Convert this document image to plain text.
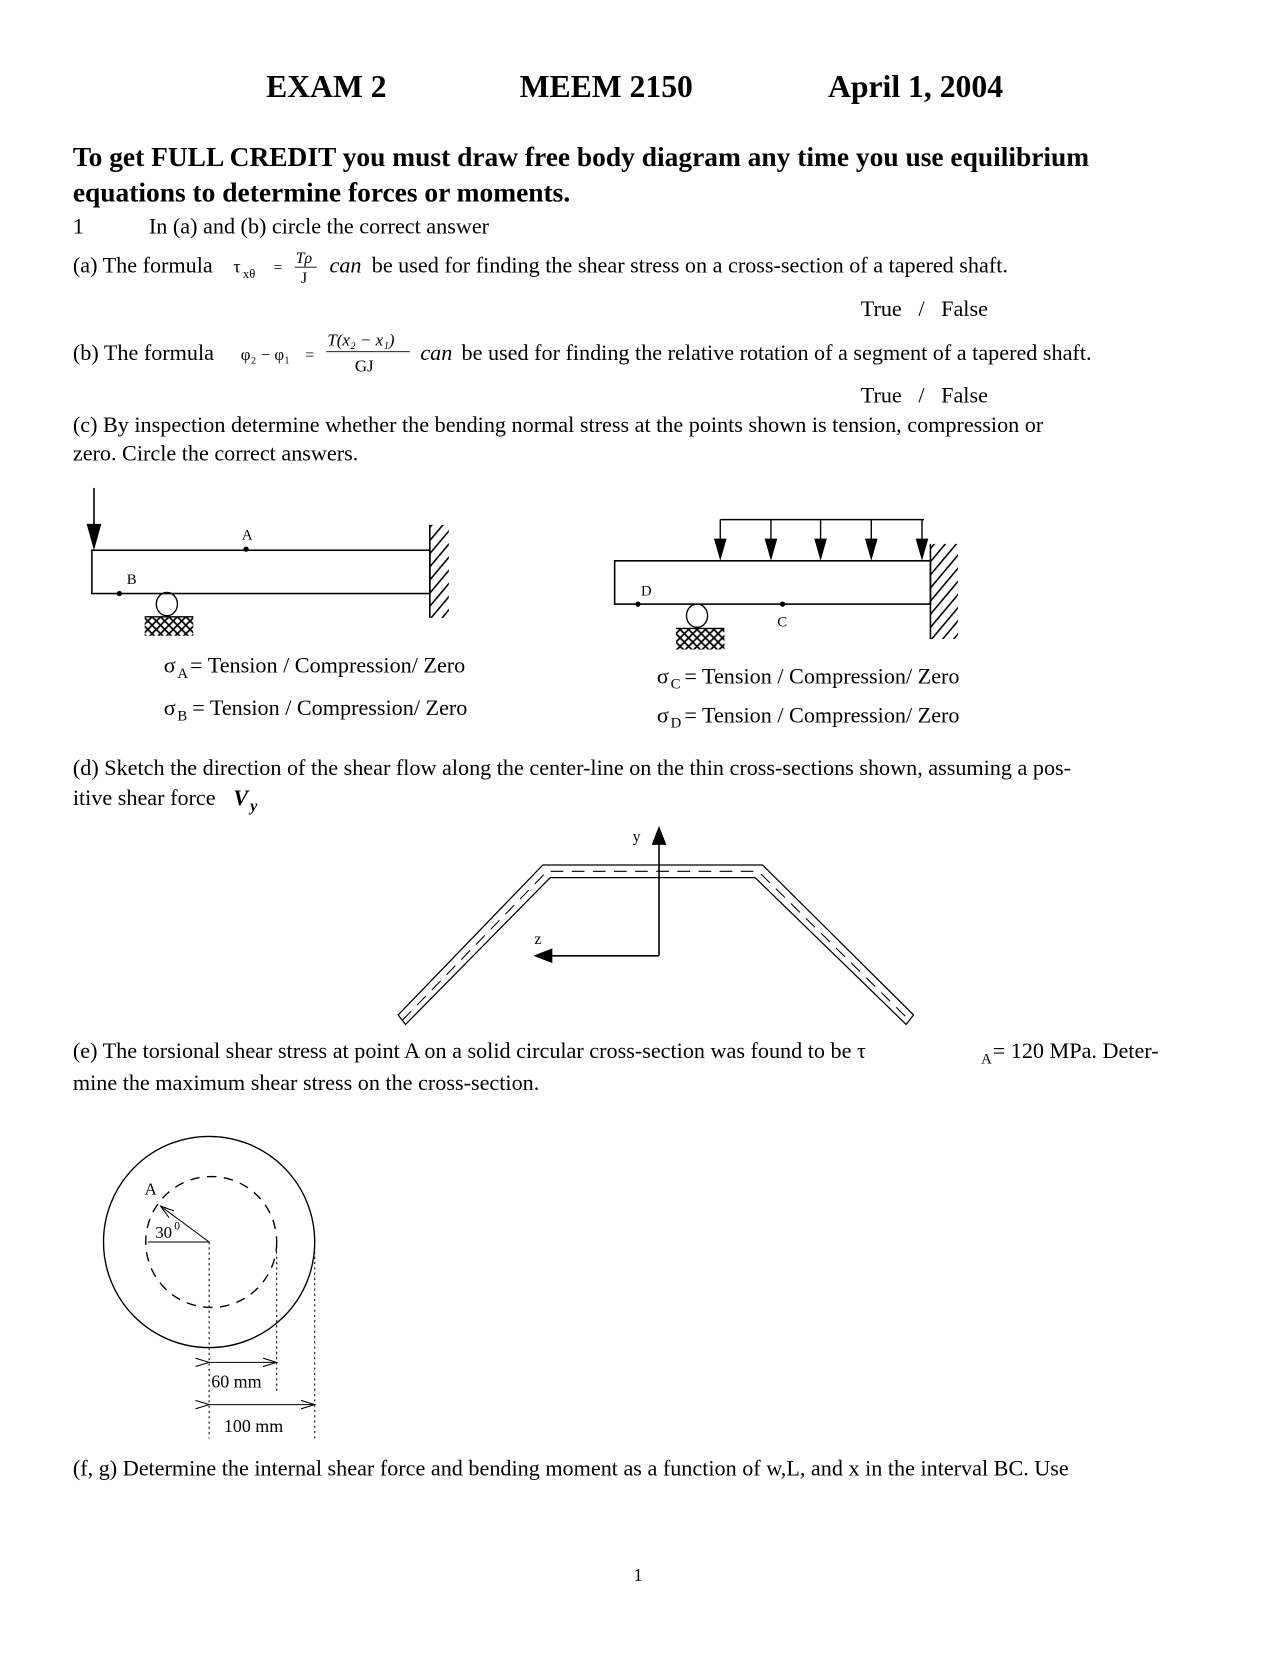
EXAM 2	MEEM 2150	April 1, 2004
To get FULL CREDIT you must draw free body diagram any time you use equilibrium
equations to determine forces or moments.
1	In (a) and (b) circle the correct answer
(a) The formula τ xθ =
Tρ
J
can be used for finding the shear stress on a cross-section of a tapered shaft.
True   /   False
(b) The formula φ₂ − φ₁ =
T(x₂ − x₁)
GJ
can be used for finding the relative rotation of a segment of a tapered shaft.
True   /   False
(c) By inspection determine whether the bending normal stress at the points shown is tension, compression or
zero. Circle the correct answers.
A
B
D
C
σ A = Tension / Compression/ Zero
σ B = Tension / Compression/ Zero
σ C = Tension / Compression/ Zero
σ D = Tension / Compression/ Zero
(d) Sketch the direction of the shear flow along the center-line on the thin cross-sections shown, assuming a pos-
itive shear force V y
y
z
(e) The torsional shear stress at point A on a solid circular cross-section was found to be τ	A = 120 MPa. Deter-
mine the maximum shear stress on the cross-section.
A
30 0
60 mm
100 mm
(f, g) Determine the internal shear force and bending moment as a function of w,L, and x in the interval BC. Use
1
